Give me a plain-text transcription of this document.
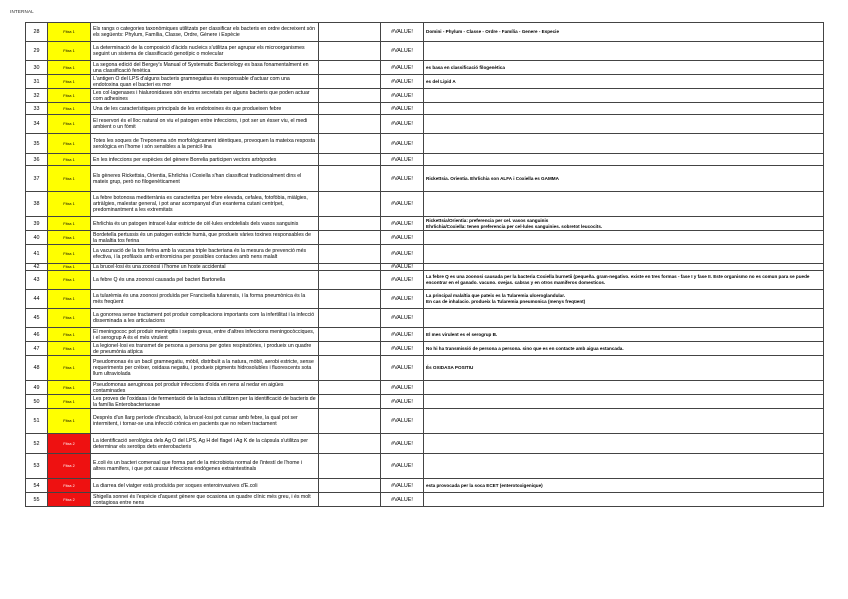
INTERNAL
28	Fitxa 1	Els rangs o categories taxonòmiques utilitzats per classificar els bacteris en ordre decreixent són els següents: Phylum, Família, Classe, Ordre, Gènere i Espècie		#VALUE!	Domini - Phylum - Classe - Ordre - Família - Genere - Especie
29	Fitxa 1	La determinació de la composició d'àcids nucleics s'utilitza per agrupar els microorganismes seguint un sistema de classificació genotípic o molecular		#VALUE!	
30	Fitxa 1	La segona edició del Bergey's Manual of Systematic Bacteriology es basa fonamentalment en una classificació fenètica		#VALUE!	es basa en classificació filogenètica
31	Fitxa 1	L'antigen O del LPS d'alguns bacteris gramnegatius és responsable d'actuar com una endotoxina quan el bacteri es mor		#VALUE!	es del Lipid A
32	Fitxa 1	Les col·lagenases i hialuronidases són enzims secretats per alguns bacteris que poden actuar com adhesines		#VALUE!	
33	Fitxa 1	Una de les característiques principals de les endotoxines és que produeixen febre		#VALUE!	
34	Fitxa 1	El reservori és el lloc natural on viu el patogen entre infeccions, i pot ser un ésser viu, el medi ambient o un fòmit		#VALUE!	
35	Fitxa 1	Totes les soques de Treponema són morfològicament idèntiques, provoquen la mateixa resposta serològica en l'home i són sensibles a la penicil·lina		#VALUE!	
36	Fitxa 1	En les infeccions per espècies del gènere Borrelia participen vectors artròpodes		#VALUE!	
37	Fitxa 1	Els gèneres Rickettsia, Orientia, Ehrlichia i Coxiella s'han classificat tradicionalment dins el mateix grup, però no filogenèticament		#VALUE!	Rickettsia. Orientia. Ehrlichia son ALFA i Coxiella es GAMMA
38	Fitxa 1	La febre botonosa mediterrània es caracteritza per febre elevada, cefalea, fotofòbia, miàlgies, artràlgies, malestar general, i pot anar acompanyat d'un exantema cutani centrípet, predominantment a les extremitats		#VALUE!	
39	Fitxa 1	Ehrlichia és un patogen intracel·lular estricte de cèl·lules endotelials dels vasos sanguinis		#VALUE!	Rickettsia/Orientia: preferencia per cel. vasos sanguinis
Ehrlichia/Coxiella: tenen preferencia per cel·lules sanguinies. sobretot leucocits.
40	Fitxa 1	Bordetella pertussis és un patogen estricte humà, que produeix vàries toxines responsables de la malaltia tos ferina		#VALUE!	
41	Fitxa 1	La vacunació de la tos ferina amb la vacuna triple bacteriana és la mesura de prevenció més efectiva, i la profilaxis amb eritromicina per possibles contactes amb nens malalt		#VALUE!	
42	Fitxa 1	La brucel·losi és una zoonosi i l'home un hoste accidental		#VALUE!	
43	Fitxa 1	La febre Q és una zoonosi causada pel bacteri Bartonella		#VALUE!	La febre Q es una zoonosi causada per la bacteria Coxiella burnetii (pequeña. gram-negativo. existe en tres formas - fase I y fase II. Este organismo no es comun para se puede encontrar en el ganado. vacuno. ovejas. cabras y en otros mamiferos domesticos.
44	Fitxa 1	La tularèmia és una zoonosi produïda per Francisella tularensis, i la forma pneumònica és la més freqüent		#VALUE!	La principal malaltia que pateix es la Tularemia ulceroglandular.
En cas de inhalacio. produeix la Tularemia pneumonica (menys freqüent)
45	Fitxa 1	La gonorrea sense tractament pot produir complicacions importants com la infertilitat i la infecció disseminada a les articulacions		#VALUE!	
46	Fitxa 1	El meningococ pot produir meningitis i sepsis greus, entre d'altres infeccions meningocòcciques, i el serogrup A és el més virulent		#VALUE!	El mes virulent es el serogrup B.
47	Fitxa 1	La legionel·losi es transmet de persona a persona per gotes respiratòries, i produeix un quadre de pneumònia atípica		#VALUE!	No hi ha transmissió de persona a persona. sino que es en contacte amb aigua estancada.
48	Fitxa 1	Pseudomonas és un bacil gramnegatiu, mòbil, distribuït a la natura, mòbil, aerobi estricte, sense requeriments per créixer, oxidasa negatiu, i produeix pigments hidrosolubles i fluorescents sota llum ultraviolada		#VALUE!	És OXIDASA POSITIU
49	Fitxa 1	Pseudomonas aeruginosa pot produir infeccions d'oïda en nens al nedar en aigües contaminades		#VALUE!	
50	Fitxa 1	Les proves de l'oxidasa i de fermentació de la lactosa s'utilitzen per la identificació de bacteris de la família Enterobacteriaceae		#VALUE!	
51	Fitxa 1	Després d'un llarg període d'incubació, la brucel·losi pot cursar amb febre, la qual pot ser intermitent, i tornar-se una infecció crònica en pacients que no reben tractament		#VALUE!	
52	Fitxa 2	La identificació serològica dels Ag O del LPS, Ag H del flagel i Ag K de la càpsula s'utilitza per determinar els serotips dets enterobacteris		#VALUE!	
53	Fitxa 2	E.coli és un bacteri comensal que forma part de la microbiota normal de l'intestí de l'home i altres mamífers, i que pot causar infeccions endògenes extraintestinals		#VALUE!	
54	Fitxa 2	La diarrea del viatger està produïda per soques enteroinvasives d'E.coli		#VALUE!	esta provocada per la soca ECET (enterotoxigenique)
55	Fitxa 2	Shigella sonnei és l'espècie d'aquest gènere que ocasiona un quadre clínic més greu, i és molt contagiosa entre nens		#VALUE!	
